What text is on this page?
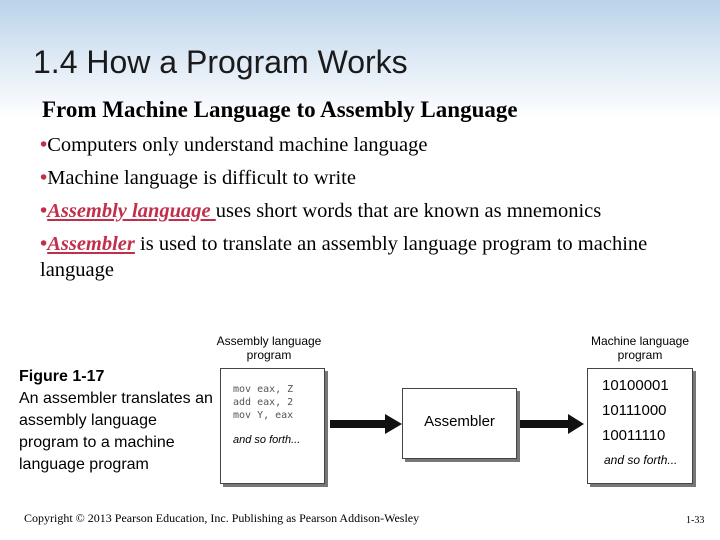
1.4 How a Program Works
From Machine Language to Assembly Language
•Computers only understand machine language
•Machine language is difficult to write
•Assembly language uses short words that are known as mnemonics
•Assembler is used to translate an assembly language program to machine language
Figure 1-17
An assembler translates an assembly language program to a machine language program
Assembly language
program
Machine language
program
mov eax, Z
add eax, 2
mov Y, eax
and so forth...
Assembler
10100001
10111000
10011110
and so forth...
Copyright © 2013 Pearson Education, Inc. Publishing as Pearson Addison-Wesley	1-33
